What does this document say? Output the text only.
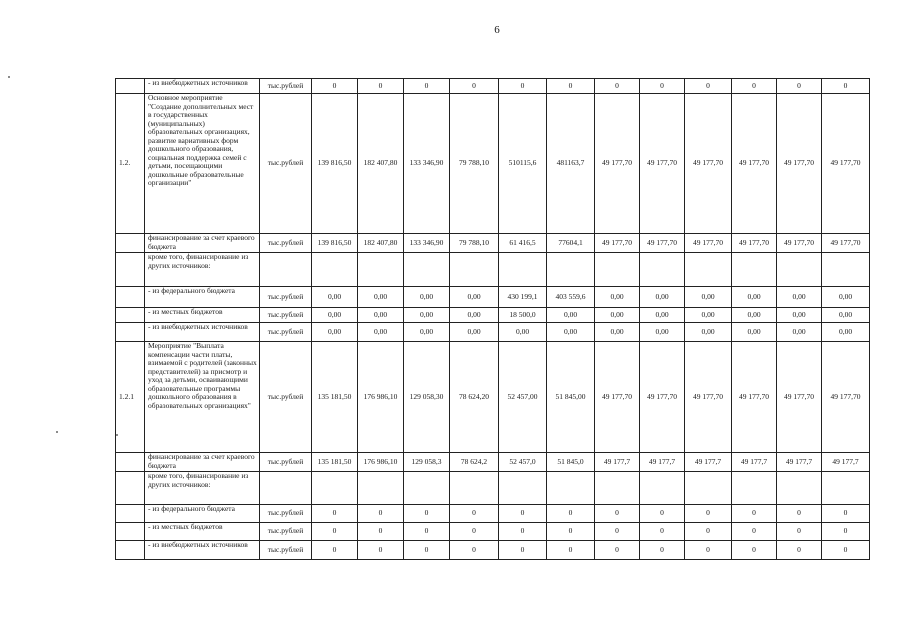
6
	- из внебюджетных источников	тыс.рублей	0	0	0	0	0	0	0	0	0	0	0	0
1.2.	Основное мероприятие "Создание дополнительных мест в государственных (муниципальных) образовательных организациях, развитие вариативных форм дошкольного образования, социальная поддержка семей с детьми, посещающими дошкольные образовательные организации"	тыс.рублей	139 816,50	182 407,80	133 346,90	79 788,10	510115,6	481163,7	49 177,70	49 177,70	49 177,70	49 177,70	49 177,70	49 177,70
	финансирование за счет краевого бюджета	тыс.рублей	139 816,50	182 407,80	133 346,90	79 788,10	61 416,5	77604,1	49 177,70	49 177,70	49 177,70	49 177,70	49 177,70	49 177,70
	кроме того, финансирование из других источников:													
	- из федерального бюджета	тыс.рублей	0,00	0,00	0,00	0,00	430 199,1	403 559,6	0,00	0,00	0,00	0,00	0,00	0,00
	- из местных бюджетов	тыс.рублей	0,00	0,00	0,00	0,00	18 500,0	0,00	0,00	0,00	0,00	0,00	0,00	0,00
	- из внебюджетных источников	тыс.рублей	0,00	0,00	0,00	0,00	0,00	0,00	0,00	0,00	0,00	0,00	0,00	0,00
1.2.1	Мероприятие "Выплата компенсации части платы, взимаемой с родителей (законных представителей) за присмотр и уход за детьми, осваивающими образовательные программы дошкольного образования в образовательных организациях"	тыс.рублей	135 181,50	176 986,10	129 058,30	78 624,20	52 457,00	51 845,00	49 177,70	49 177,70	49 177,70	49 177,70	49 177,70	49 177,70
	финансирование за счет краевого бюджета	тыс.рублей	135 181,50	176 986,10	129 058,3	78 624,2	52 457,0	51 845,0	49 177,7	49 177,7	49 177,7	49 177,7	49 177,7	49 177,7
	кроме того, финансирование из других источников:													
	- из федерального бюджета	тыс.рублей	0	0	0	0	0	0	0	0	0	0	0	0
	- из местных бюджетов	тыс.рублей	0	0	0	0	0	0	0	0	0	0	0	0
	- из внебюджетных источников	тыс.рублей	0	0	0	0	0	0	0	0	0	0	0	0
